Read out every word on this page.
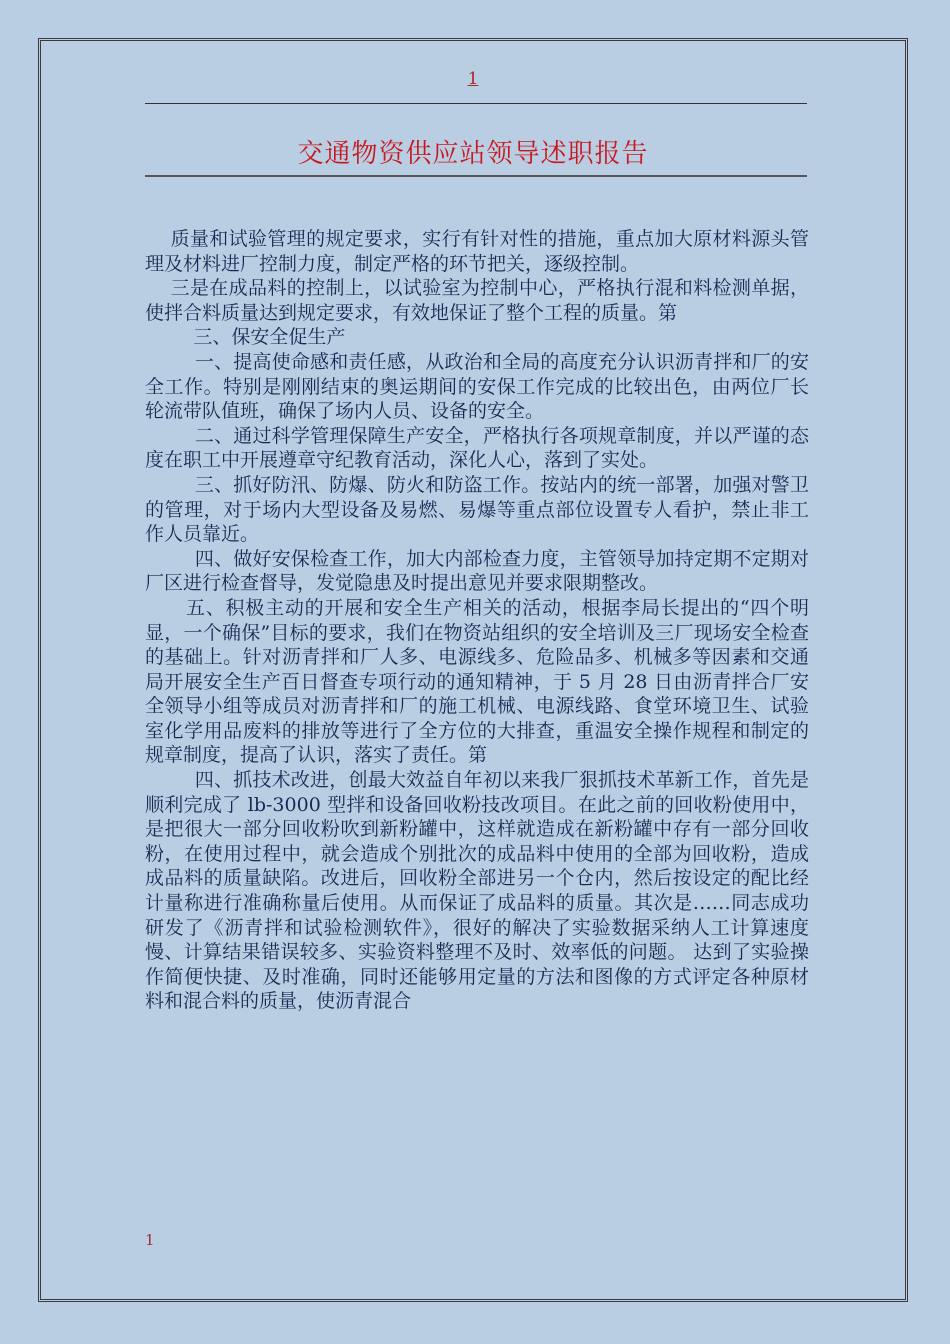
1
交通物资供应站领导述职报告

质量和试验管理的规定要求，实行有针对性的措施，重点加大原材料源头管理及材料进厂控制力度，制定严格的环节把关，逐级控制。

三是在成品料的控制上，以试验室为控制中心，严格执行混和料检测单据，使拌合料质量达到规定要求，有效地保证了整个工程的质量。第

三、保安全促生产

一、提高使命感和责任感，从政治和全局的高度充分认识沥青拌和厂的安全工作。特别是刚刚结束的奥运期间的安保工作完成的比较出色，由两位厂长轮流带队值班，确保了场内人员、设备的安全。

二、通过科学管理保障生产安全，严格执行各项规章制度，并以严谨的态度在职工中开展遵章守纪教育活动，深化人心，落到了实处。

三、抓好防汛、防爆、防火和防盗工作。按站内的统一部署，加强对警卫的管理，对于场内大型设备及易燃、易爆等重点部位设置专人看护，禁止非工作人员靠近。

四、做好安保检查工作，加大内部检查力度，主管领导加持定期不定期对厂区进行检查督导，发觉隐患及时提出意见并要求限期整改。

五、积极主动的开展和安全生产相关的活动，根据李局长提出的“四个明显，一个确保”目标的要求，我们在物资站组织的安全培训及三厂现场安全检查的基础上。针对沥青拌和厂人多、电源线多、危险品多、机械多等因素和交通局开展安全生产百日督查专项行动的通知精神，于 5 月 28 日由沥青拌合厂安全领导小组等成员对沥青拌和厂的施工机械、电源线路、食堂环境卫生、试验室化学用品废料的排放等进行了全方位的大排查，重温安全操作规程和制定的规章制度，提高了认识，落实了责任。第

四、抓技术改进，创最大效益自年初以来我厂狠抓技术革新工作，首先是顺利完成了 lb-3000 型拌和设备回收粉技改项目。在此之前的回收粉使用中，是把很大一部分回收粉吹到新粉罐中，这样就造成在新粉罐中存有一部分回收粉，在使用过程中，就会造成个别批次的成品料中使用的全部为回收粉，造成成品料的质量缺陷。改进后，回收粉全部进另一个仓内，然后按设定的配比经计量称进行准确称量后使用。从而保证了成品料的质量。其次是……同志成功研发了《沥青拌和试验检测软件》，很好的解决了实验数据采纳人工计算速度慢、计算结果错误较多、实验资料整理不及时、效率低的问题。 达到了实验操作简便快捷、及时准确，同时还能够用定量的方法和图像的方式评定各种原材料和混合料的质量，使沥青混合

1
